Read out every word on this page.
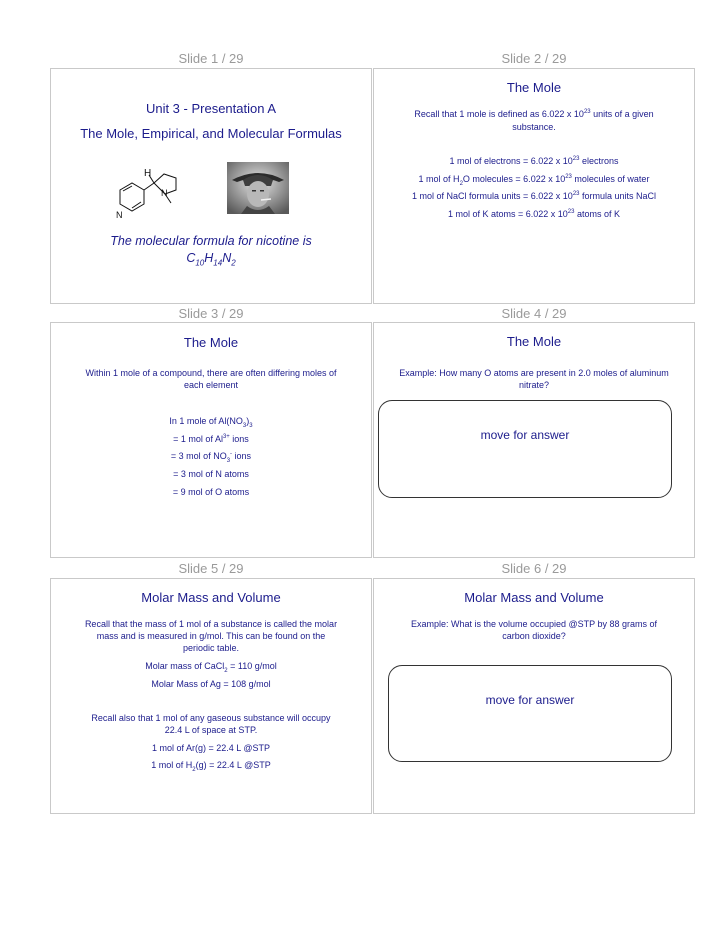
Slide 1 / 29	Slide 2 / 29
Unit 3 - Presentation A
The Mole, Empirical, and Molecular Formulas
H
N
N
The molecular formula for nicotine is
$C_{10}H_{14}N_2$
The Mole
Recall that 1 mole is defined as 6.022 x $10^{23}$ units of a given
substance.
1 mol of electrons = 6.022 x $10^{23}$ electrons
1 mol of $H_2O$ molecules = 6.022 x $10^{23}$ molecules of water
1 mol of NaCl formula units = 6.022 x $10^{23}$ formula units NaCl
1 mol of K atoms = 6.022 x $10^{23}$ atoms of K
Slide 3 / 29	Slide 4 / 29
The Mole
Within 1 mole of a compound, there are often differing moles of
each element
In 1 mole of $Al(NO_3)_3$
= 1 mol of $Al^{3+}$ ions
= 3 mol of $NO_3^-$ ions
= 3 mol of N atoms
= 9 mol of O atoms
The Mole
Example: How many O atoms are present in 2.0 moles of aluminum
nitrate?
move for answer
Slide 5 / 29	Slide 6 / 29
Molar Mass and Volume
Recall that the mass of 1 mol of a substance is called the molar
mass and is measured in g/mol. This can be found on the
periodic table.
Molar mass of CaCl$_2$ = 110 g/mol
Molar Mass of Ag = 108 g/mol
Recall also that 1 mol of any gaseous substance will occupy
22.4 L of space at STP.
1 mol of Ar(g) = 22.4 L @STP
1 mol of $H_2(g) = 22.4$ L @STP
Molar Mass and Volume
Example: What is the volume occupied @STP by 88 grams of
carbon dioxide?
move for answer
